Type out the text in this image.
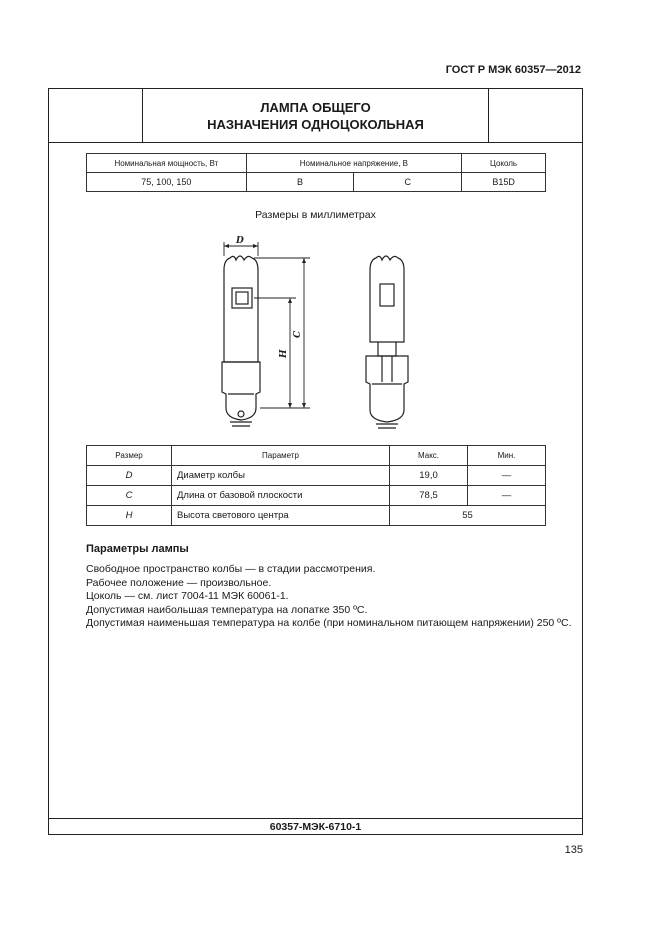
ГОСТ Р МЭК 60357—2012
ЛАМПА ОБЩЕГО
НАЗНАЧЕНИЯ ОДНОЦОКОЛЬНАЯ
Номинальная мощность, Вт	Номинальное напряжение, В		Цоколь
75, 100, 150	B	C	B15D
Размеры в миллиметрах
Размер	Параметр	Макс.	Мин.
D	Диаметр колбы	19,0	—
C	Длина от базовой плоскости	78,5	—
H	Высота светового центра	55	
Параметры лампы
Свободное пространство колбы — в стадии рассмотрения.
Рабочее положение — произвольное.
Цоколь — см. лист 7004-11 МЭК 60061-1.
Допустимая наибольшая температура на лопатке 350 ºС.
Допустимая наименьшая температура на колбе (при номинальном питающем напряжении) 250 ºС.
60357-МЭК-6710-1
D
H
C
135
